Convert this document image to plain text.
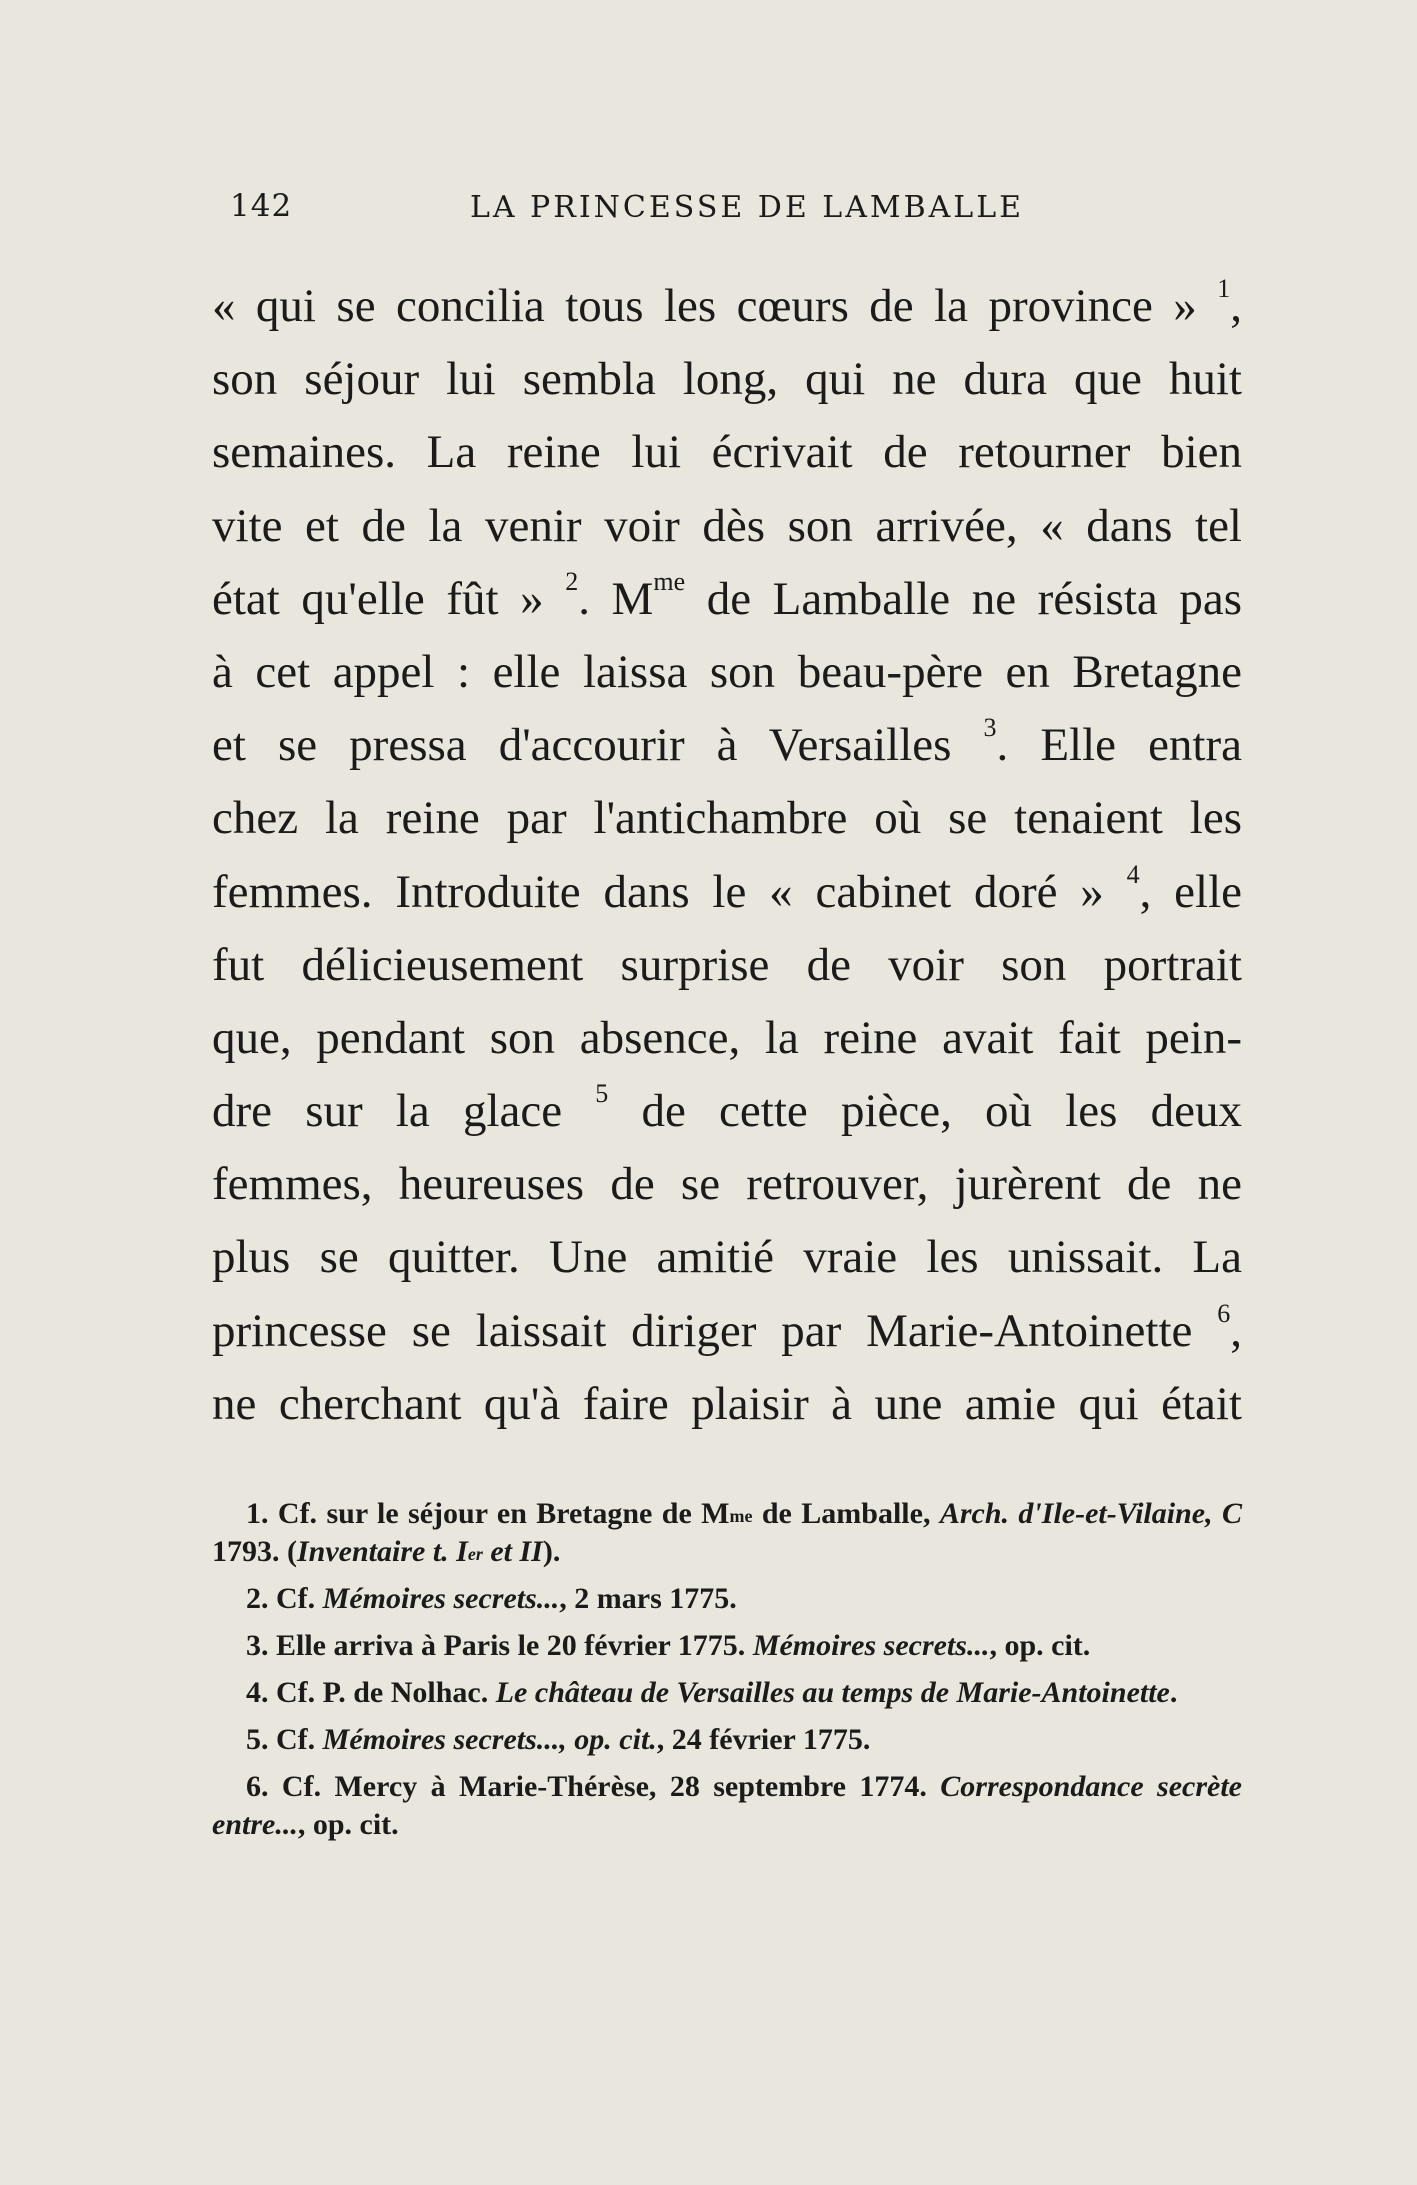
142	LA PRINCESSE DE LAMBALLE
« qui se concilia tous les cœurs de la province » $^1$,
son séjour lui sembla long, qui ne dura que huit
semaines. La reine lui écrivait de retourner bien
vite et de la venir voir dès son arrivée, « dans tel
état qu'elle fût » $^2$. $M^{me}$ de Lamballe ne résista pas
à cet appel : elle laissa son beau-père en Bretagne
et se pressa d'accourir à Versailles $^3$. Elle entra
chez la reine par l'antichambre où se tenaient les
femmes. Introduite dans le « cabinet doré » $^4$, elle
fut délicieusement surprise de voir son portrait
que, pendant son absence, la reine avait fait pein-
dre sur la glace $^5$ de cette pièce, où les deux
femmes, heureuses de se retrouver, jurèrent de ne
plus se quitter. Une amitié vraie les unissait. La
princesse se laissait diriger par Marie-Antoinette $^6$,
ne cherchant qu'à faire plaisir à une amie qui était

1. Cf. sur le séjour en Bretagne de $M^{me}$ de Lamballe, Arch. d'Ile-et-Vilaine, C 1793. (Inventaire t. Ier et II).

2. Cf. Mémoires secrets..., 2 mars 1775.

3. Elle arriva à Paris le 20 février 1775. Mémoires secrets..., op. cit.

4. Cf. P. de Nolhac. Le château de Versailles au temps de Marie-Antoinette.

5. Cf. Mémoires secrets..., op. cit., 24 février 1775.

6. Cf. Mercy à Marie-Thérèse, 28 septembre 1774. Correspondance secrète entre..., op. cit.
